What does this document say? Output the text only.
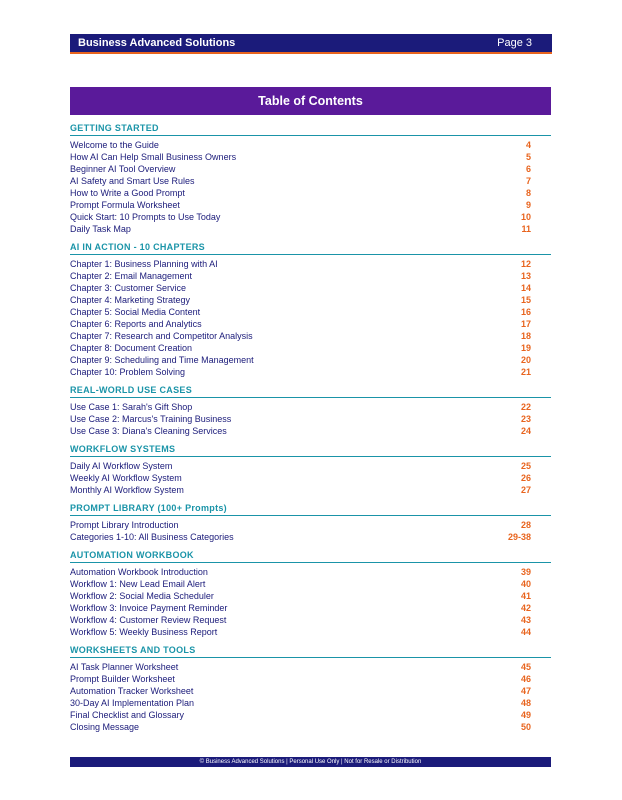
Business Advanced Solutions	Page 3
Table of Contents
GETTING STARTED
Welcome to the Guide	4
How AI Can Help Small Business Owners	5
Beginner AI Tool Overview	6
AI Safety and Smart Use Rules	7
How to Write a Good Prompt	8
Prompt Formula Worksheet	9
Quick Start: 10 Prompts to Use Today	10
Daily Task Map	11
AI IN ACTION - 10 CHAPTERS
Chapter 1: Business Planning with AI	12
Chapter 2: Email Management	13
Chapter 3: Customer Service	14
Chapter 4: Marketing Strategy	15
Chapter 5: Social Media Content	16
Chapter 6: Reports and Analytics	17
Chapter 7: Research and Competitor Analysis	18
Chapter 8: Document Creation	19
Chapter 9: Scheduling and Time Management	20
Chapter 10: Problem Solving	21
REAL-WORLD USE CASES
Use Case 1: Sarah's Gift Shop	22
Use Case 2: Marcus's Training Business	23
Use Case 3: Diana's Cleaning Services	24
WORKFLOW SYSTEMS
Daily AI Workflow System	25
Weekly AI Workflow System	26
Monthly AI Workflow System	27
PROMPT LIBRARY (100+ Prompts)
Prompt Library Introduction	28
Categories 1-10: All Business Categories	29-38
AUTOMATION WORKBOOK
Automation Workbook Introduction	39
Workflow 1: New Lead Email Alert	40
Workflow 2: Social Media Scheduler	41
Workflow 3: Invoice Payment Reminder	42
Workflow 4: Customer Review Request	43
Workflow 5: Weekly Business Report	44
WORKSHEETS AND TOOLS
AI Task Planner Worksheet	45
Prompt Builder Worksheet	46
Automation Tracker Worksheet	47
30-Day AI Implementation Plan	48
Final Checklist and Glossary	49
Closing Message	50
© Business Advanced Solutions | Personal Use Only | Not for Resale or Distribution
